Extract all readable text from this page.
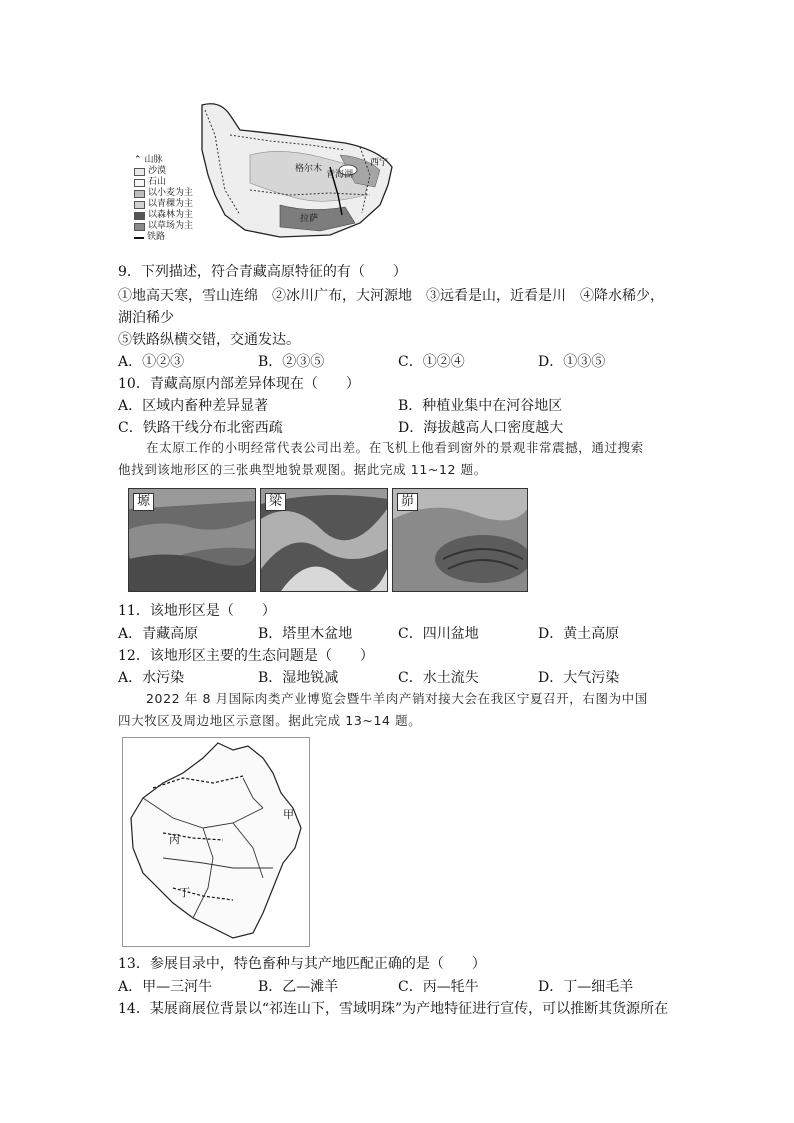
格尔木
青海湖
西宁
拉萨
⌃ 山脉
沙漠
石山
以小麦为主
以青稞为主
以森林为主
以草场为主
铁路
9．下列描述，符合青藏高原特征的有（　　）
①地高天寒，雪山连绵　②冰川广布，大河源地　③远看是山，近看是川　④降水稀少，
湖泊稀少
⑤铁路纵横交错，交通发达。
A．①②③	B．②③⑤	C．①②④	D．①③⑤
10．青藏高原内部差异体现在（　　）
A．区域内畜种差异显著	B．种植业集中在河谷地区
C．铁路干线分布北密西疏	D．海拔越高人口密度越大
在太原工作的小明经常代表公司出差。在飞机上他看到窗外的景观非常震撼，通过搜索
他找到该地形区的三张典型地貌景观图。据此完成 11~12 题。
塬	梁	峁
11．该地形区是（　　）
A．青藏高原	B．塔里木盆地	C．四川盆地	D．黄土高原
12．该地形区主要的生态问题是（　　）
A．水污染	B．湿地锐减	C．水土流失	D．大气污染
2022 年 8 月国际肉类产业博览会暨牛羊肉产销对接大会在我区宁夏召开，右图为中国
四大牧区及周边地区示意图。据此完成 13~14 题。
甲
丙
丁
13．参展目录中，特色畜种与其产地匹配正确的是（　　）
A．甲—三河牛	B．乙—滩羊	C．丙—牦牛	D．丁—细毛羊
14．某展商展位背景以“祁连山下，雪域明珠”为产地特征进行宣传，可以推断其货源所在
